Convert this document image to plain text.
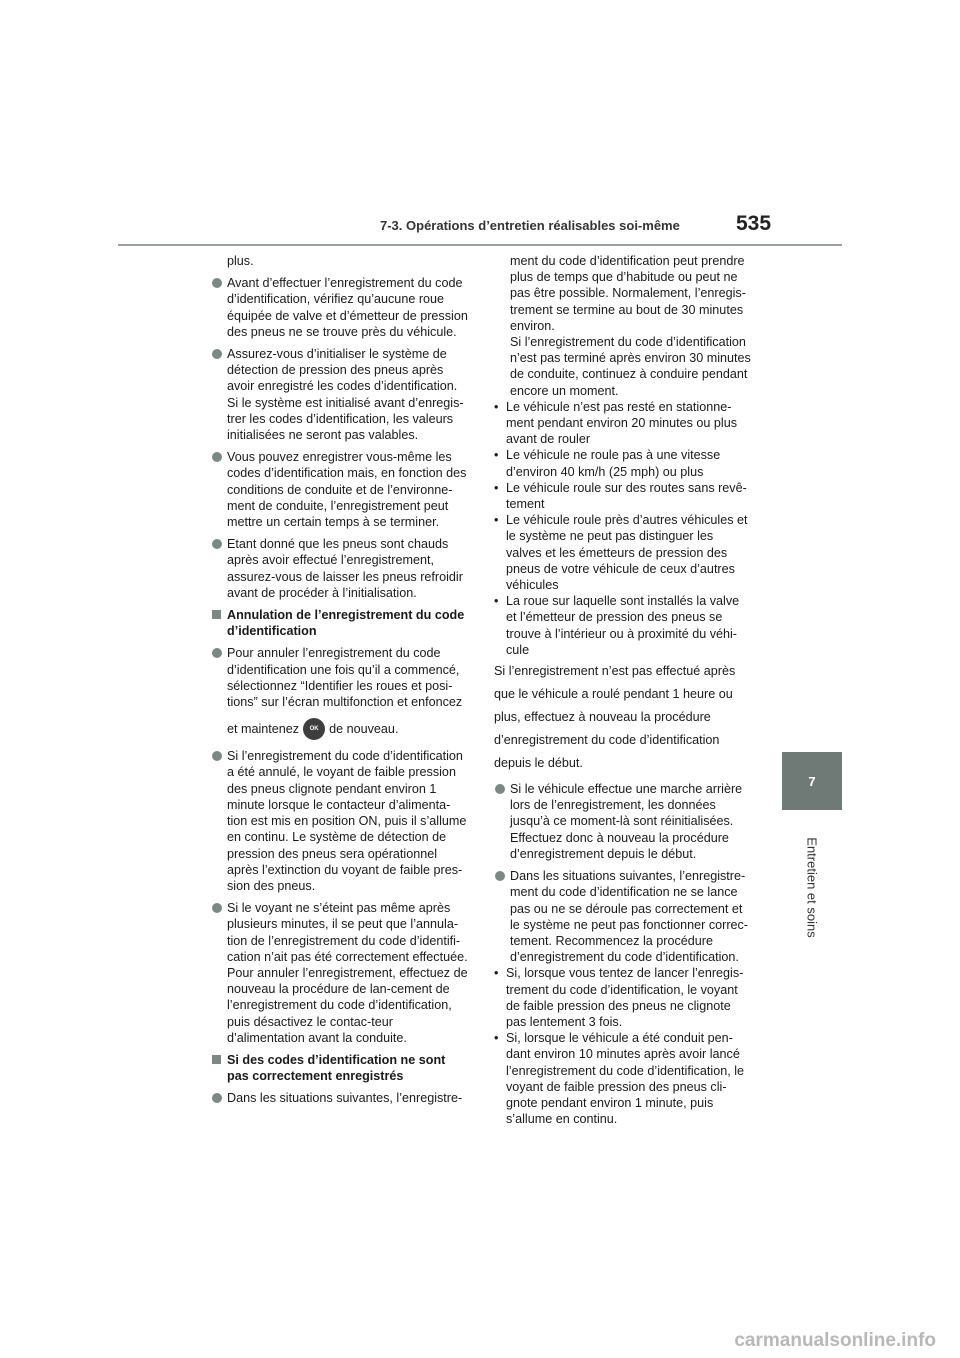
7-3. Opérations d’entretien réalisables soi-même	535
7
Entretien et soins
plus.
Avant d’effectuer l’enregistrement du code d’identification, vérifiez qu’aucune roue équipée de valve et d’émetteur de pression des pneus ne se trouve près du véhicule.
Assurez-vous d’initialiser le système de détection de pression des pneus après avoir enregistré les codes d’identification. Si le système est initialisé avant d’enregis-trer les codes d’identification, les valeurs initialisées ne seront pas valables.
Vous pouvez enregistrer vous-même les codes d’identification mais, en fonction des conditions de conduite et de l’environne-ment de conduite, l’enregistrement peut mettre un certain temps à se terminer.
Etant donné que les pneus sont chauds après avoir effectué l’enregistrement, assurez-vous de laisser les pneus refroidir avant de procéder à l’initialisation.
Annulation de l’enregistrement du code d’identification
Pour annuler l’enregistrement du code d’identification une fois qu’il a commencé, sélectionnez “Identifier les roues et posi-tions” sur l’écran multifonction et enfoncez
et maintenez	OK de nouveau.
Si l’enregistrement du code d’identification a été annulé, le voyant de faible pression des pneus clignote pendant environ 1 minute lorsque le contacteur d’alimenta-tion est mis en position ON, puis il s’allume en continu. Le système de détection de pression des pneus sera opérationnel après l’extinction du voyant de faible pres-sion des pneus.
Si le voyant ne s’éteint pas même après plusieurs minutes, il se peut que l’annula-tion de l’enregistrement du code d’identifi-cation n’ait pas été correctement effectuée. Pour annuler l’enregistrement, effectuez de nouveau la procédure de lan-cement de l’enregistrement du code d’identification, puis désactivez le contac-teur d’alimentation avant la conduite.
Si des codes d’identification ne sont pas correctement enregistrés
Dans les situations suivantes, l’enregistre-
ment du code d’identification peut prendre plus de temps que d’habitude ou peut ne pas être possible. Normalement, l’enregis-trement se termine au bout de 30 minutes environ.
Si l’enregistrement du code d’identification n’est pas terminé après environ 30 minutes de conduite, continuez à conduire pendant encore un moment.
• Le véhicule n’est pas resté en stationne-ment pendant environ 20 minutes ou plus avant de rouler
• Le véhicule ne roule pas à une vitesse d’environ 40 km/h (25 mph) ou plus
• Le véhicule roule sur des routes sans revê-tement
• Le véhicule roule près d’autres véhicules et le système ne peut pas distinguer les valves et les émetteurs de pression des pneus de votre véhicule de ceux d’autres véhicules
• La roue sur laquelle sont installés la valve et l’émetteur de pression des pneus se trouve à l’intérieur ou à proximité du véhi-cule
Si l’enregistrement n’est pas effectué après
que le véhicule a roulé pendant 1 heure ou
plus, effectuez à nouveau la procédure
d’enregistrement du code d’identification
depuis le début.
Si le véhicule effectue une marche arrière lors de l’enregistrement, les données jusqu’à ce moment-là sont réinitialisées. Effectuez donc à nouveau la procédure d’enregistrement depuis le début.
Dans les situations suivantes, l’enregistre-ment du code d’identification ne se lance pas ou ne se déroule pas correctement et le système ne peut pas fonctionner correc-tement. Recommencez la procédure d’enregistrement du code d’identification.
• Si, lorsque vous tentez de lancer l’enregis-trement du code d’identification, le voyant de faible pression des pneus ne clignote pas lentement 3 fois.
• Si, lorsque le véhicule a été conduit pen-dant environ 10 minutes après avoir lancé l’enregistrement du code d’identification, le voyant de faible pression des pneus cli-gnote pendant environ 1 minute, puis s’allume en continu.
carmanualsonline.info
